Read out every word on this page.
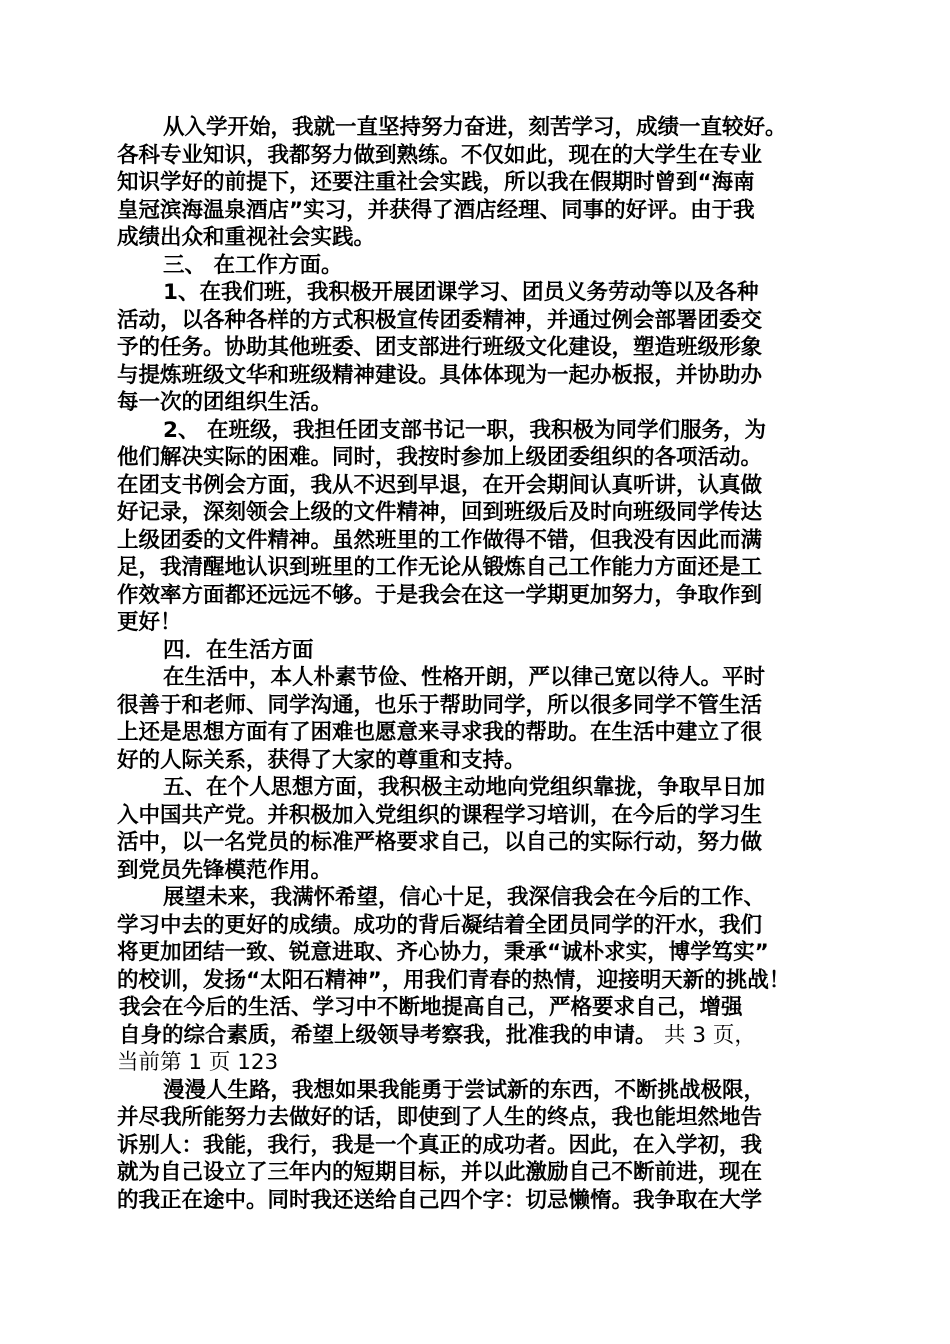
从入学开始，我就一直坚持努力奋进，刻苦学习，成绩一直较好。
各科专业知识，我都努力做到熟练。不仅如此，现在的大学生在专业
知识学好的前提下，还要注重社会实践，所以我在假期时曾到“海南
皇冠滨海温泉酒店”实习，并获得了酒店经理、同事的好评。由于我
成绩出众和重视社会实践。
三、 在工作方面。
1、在我们班，我积极开展团课学习、团员义务劳动等以及各种
活动，以各种各样的方式积极宣传团委精神，并通过例会部署团委交
予的任务。协助其他班委、团支部进行班级文化建设，塑造班级形象
与提炼班级文华和班级精神建设。具体体现为一起办板报，并协助办
每一次的团组织生活。
2、 在班级，我担任团支部书记一职，我积极为同学们服务，为
他们解决实际的困难。同时，我按时参加上级团委组织的各项活动。
在团支书例会方面，我从不迟到早退，在开会期间认真听讲，认真做
好记录，深刻领会上级的文件精神，回到班级后及时向班级同学传达
上级团委的文件精神。虽然班里的工作做得不错，但我没有因此而满
足，我清醒地认识到班里的工作无论从锻炼自己工作能力方面还是工
作效率方面都还远远不够。于是我会在这一学期更加努力，争取作到
更好！
四．在生活方面
在生活中，本人朴素节俭、性格开朗，严以律己宽以待人。平时
很善于和老师、同学沟通，也乐于帮助同学，所以很多同学不管生活
上还是思想方面有了困难也愿意来寻求我的帮助。在生活中建立了很
好的人际关系，获得了大家的尊重和支持。
五、在个人思想方面，我积极主动地向党组织靠拢，争取早日加
入中国共产党。并积极加入党组织的课程学习培训，在今后的学习生
活中，以一名党员的标准严格要求自己，以自己的实际行动，努力做
到党员先锋模范作用。
展望未来，我满怀希望，信心十足，我深信我会在今后的工作、
学习中去的更好的成绩。成功的背后凝结着全团员同学的汗水，我们
将更加团结一致、锐意进取、齐心协力，秉承“诚朴求实，博学笃实”
的校训，发扬“太阳石精神”，用我们青春的热情，迎接明天新的挑战！
我会在今后的生活、学习中不断地提高自己，严格要求自己，增强
自身的综合素质，希望上级领导考察我，批准我的申请。 共 3 页，
当前第 1 页 123
漫漫人生路，我想如果我能勇于尝试新的东西，不断挑战极限，
并尽我所能努力去做好的话，即使到了人生的终点，我也能坦然地告
诉别人：我能，我行，我是一个真正的成功者。因此，在入学初，我
就为自己设立了三年内的短期目标，并以此激励自己不断前进，现在
的我正在途中。同时我还送给自己四个字：切忌懒惰。我争取在大学
